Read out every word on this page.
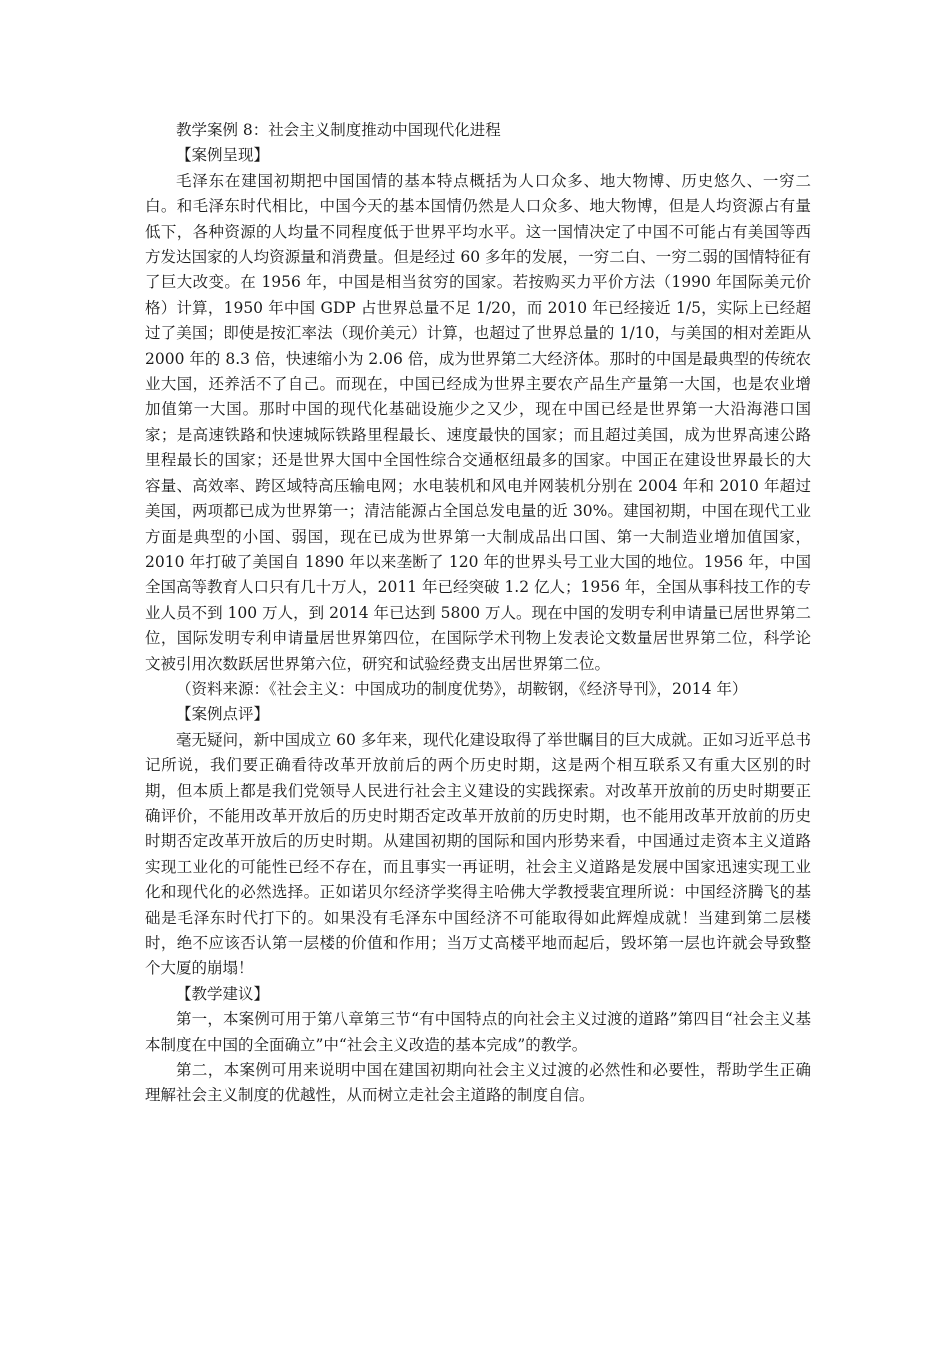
教学案例 8：社会主义制度推动中国现代化进程

【案例呈现】

毛泽东在建国初期把中国国情的基本特点概括为人口众多、地大物博、历史悠久、一穷二白。和毛泽东时代相比，中国今天的基本国情仍然是人口众多、地大物博，但是人均资源占有量低下，各种资源的人均量不同程度低于世界平均水平。这一国情决定了中国不可能占有美国等西方发达国家的人均资源量和消费量。但是经过 60 多年的发展，一穷二白、一穷二弱的国情特征有了巨大改变。在 1956 年，中国是相当贫穷的国家。若按购买力平价方法（1990 年国际美元价格）计算，1950 年中国 GDP 占世界总量不足 1/20，而 2010 年已经接近 1/5，实际上已经超过了美国；即使是按汇率法（现价美元）计算，也超过了世界总量的 1/10，与美国的相对差距从 2000 年的 8.3 倍，快速缩小为 2.06 倍，成为世界第二大经济体。那时的中国是最典型的传统农业大国，还养活不了自己。而现在，中国已经成为世界主要农产品生产量第一大国，也是农业增加值第一大国。那时中国的现代化基础设施少之又少，现在中国已经是世界第一大沿海港口国家；是高速铁路和快速城际铁路里程最长、速度最快的国家；而且超过美国，成为世界高速公路里程最长的国家；还是世界大国中全国性综合交通枢纽最多的国家。中国正在建设世界最长的大容量、高效率、跨区域特高压输电网；水电装机和风电并网装机分别在 2004 年和 2010 年超过美国，两项都已成为世界第一；清洁能源占全国总发电量的近 30%。建国初期，中国在现代工业方面是典型的小国、弱国，现在已成为世界第一大制成品出口国、第一大制造业增加值国家，2010 年打破了美国自 1890 年以来垄断了 120 年的世界头号工业大国的地位。1956 年，中国全国高等教育人口只有几十万人，2011 年已经突破 1.2 亿人；1956 年，全国从事科技工作的专业人员不到 100 万人，到 2014 年已达到 5800 万人。现在中国的发明专利申请量已居世界第二位，国际发明专利申请量居世界第四位，在国际学术刊物上发表论文数量居世界第二位，科学论文被引用次数跃居世界第六位，研究和试验经费支出居世界第二位。

（资料来源：《社会主义：中国成功的制度优势》，胡鞍钢，《经济导刊》，2014 年）

【案例点评】

毫无疑问，新中国成立 60 多年来，现代化建设取得了举世瞩目的巨大成就。正如习近平总书记所说，我们要正确看待改革开放前后的两个历史时期，这是两个相互联系又有重大区别的时期，但本质上都是我们党领导人民进行社会主义建设的实践探索。对改革开放前的历史时期要正确评价，不能用改革开放后的历史时期否定改革开放前的历史时期，也不能用改革开放前的历史时期否定改革开放后的历史时期。从建国初期的国际和国内形势来看，中国通过走资本主义道路实现工业化的可能性已经不存在，而且事实一再证明，社会主义道路是发展中国家迅速实现工业化和现代化的必然选择。正如诺贝尔经济学奖得主哈佛大学教授裴宜理所说：中国经济腾飞的基础是毛泽东时代打下的。如果没有毛泽东中国经济不可能取得如此辉煌成就！当建到第二层楼时，绝不应该否认第一层楼的价值和作用；当万丈高楼平地而起后，毁坏第一层也许就会导致整个大厦的崩塌！

【教学建议】

第一，本案例可用于第八章第三节“有中国特点的向社会主义过渡的道路”第四目“社会主义基本制度在中国的全面确立”中“社会主义改造的基本完成”的教学。

第二，本案例可用来说明中国在建国初期向社会主义过渡的必然性和必要性，帮助学生正确理解社会主义制度的优越性，从而树立走社会主道路的制度自信。
